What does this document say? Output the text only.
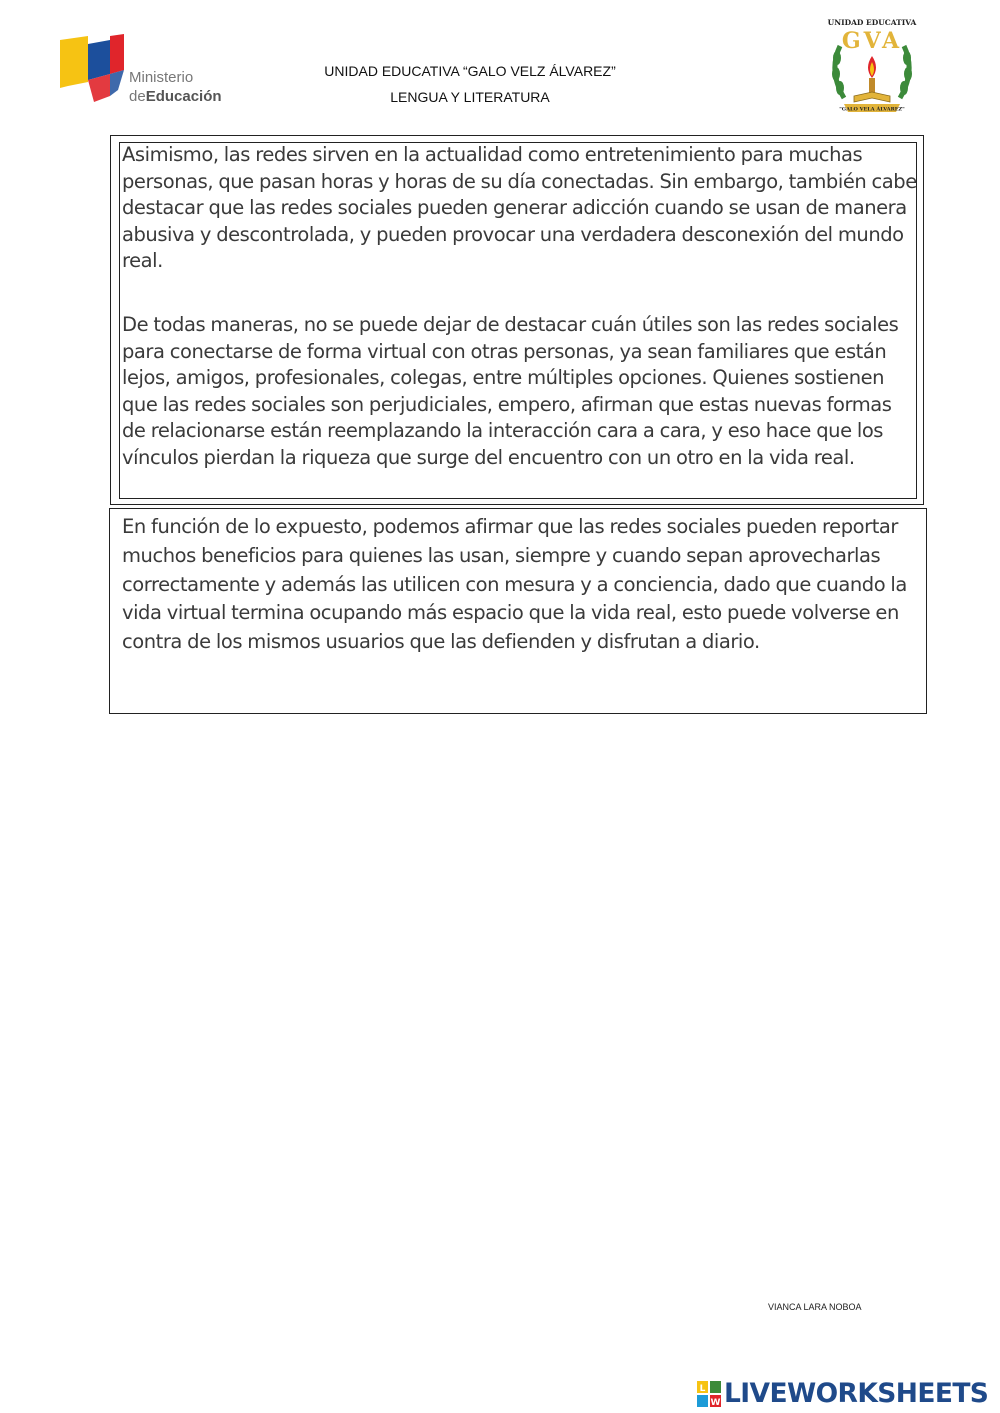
Ministerio
deEducación
UNIDAD EDUCATIVA “GALO VELZ ÁLVAREZ”
LENGUA Y LITERATURA
UNIDAD EDUCATIVA
GVA
"GALO VELA ÁLVAREZ"

Asimismo, las redes sirven en la actualidad como entretenimiento para muchas personas, que pasan horas y horas de su día conectadas. Sin embargo, también cabe destacar que las redes sociales pueden generar adicción cuando se usan de manera abusiva y descontrolada, y pueden provocar una verdadera desconexión del mundo real.

De todas maneras, no se puede dejar de destacar cuán útiles son las redes sociales para conectarse de forma virtual con otras personas, ya sean familiares que están lejos, amigos, profesionales, colegas, entre múltiples opciones. Quienes sostienen que las redes sociales son perjudiciales, empero, afirman que estas nuevas formas de relacionarse están reemplazando la interacción cara a cara, y eso hace que los vínculos pierdan la riqueza que surge del encuentro con un otro en la vida real.

En función de lo expuesto, podemos afirmar que las redes sociales pueden reportar muchos beneficios para quienes las usan, siempre y cuando sepan aprovecharlas correctamente y además las utilicen con mesura y a conciencia, dado que cuando la vida virtual termina ocupando más espacio que la vida real, esto puede volverse en contra de los mismos usuarios que las defienden y disfrutan a diario.

VIANCA LARA NOBOA
L
W LIVEWORKSHEETS
